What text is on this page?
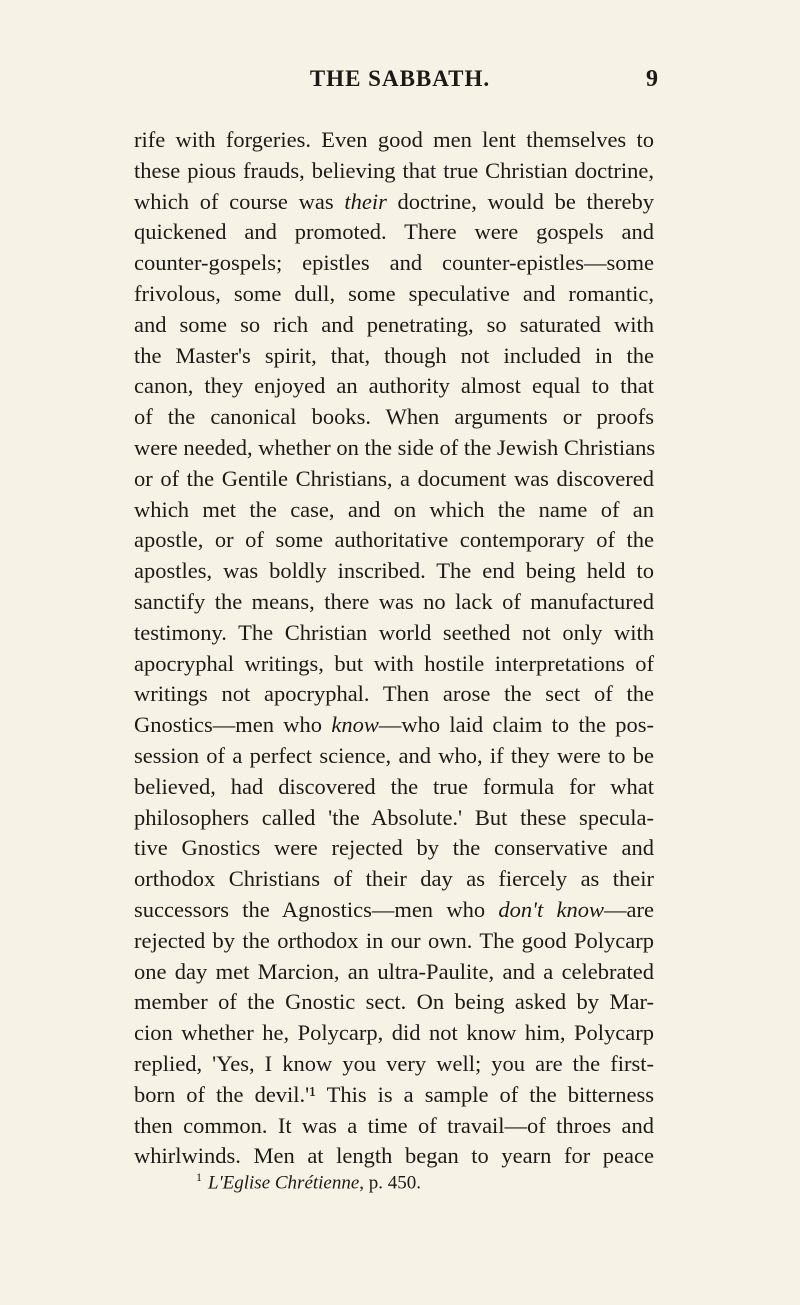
THE SABBATH.	9
rife with forgeries. Even good men lent themselves to
these pious frauds, believing that true Christian doctrine,
which of course was their doctrine, would be thereby
quickened and promoted. There were gospels and
counter-gospels; epistles and counter-epistles—some
frivolous, some dull, some speculative and romantic,
and some so rich and penetrating, so saturated with
the Master's spirit, that, though not included in the
canon, they enjoyed an authority almost equal to that
of the canonical books. When arguments or proofs
were needed, whether on the side of the Jewish Christians
or of the Gentile Christians, a document was discovered
which met the case, and on which the name of an
apostle, or of some authoritative contemporary of the
apostles, was boldly inscribed. The end being held to
sanctify the means, there was no lack of manufactured
testimony. The Christian world seethed not only with
apocryphal writings, but with hostile interpretations of
writings not apocryphal. Then arose the sect of the
Gnostics—men who know—who laid claim to the pos-
session of a perfect science, and who, if they were to be
believed, had discovered the true formula for what
philosophers called 'the Absolute.' But these specula-
tive Gnostics were rejected by the conservative and
orthodox Christians of their day as fiercely as their
successors the Agnostics—men who don't know—are
rejected by the orthodox in our own. The good Polycarp
one day met Marcion, an ultra-Paulite, and a celebrated
member of the Gnostic sect. On being asked by Mar-
cion whether he, Polycarp, did not know him, Polycarp
replied, 'Yes, I know you very well; you are the first-
born of the devil.'¹ This is a sample of the bitterness
then common. It was a time of travail—of throes and
whirlwinds. Men at length began to yearn for peace
$^1$ L'Eglise Chrétienne, p. 450.
